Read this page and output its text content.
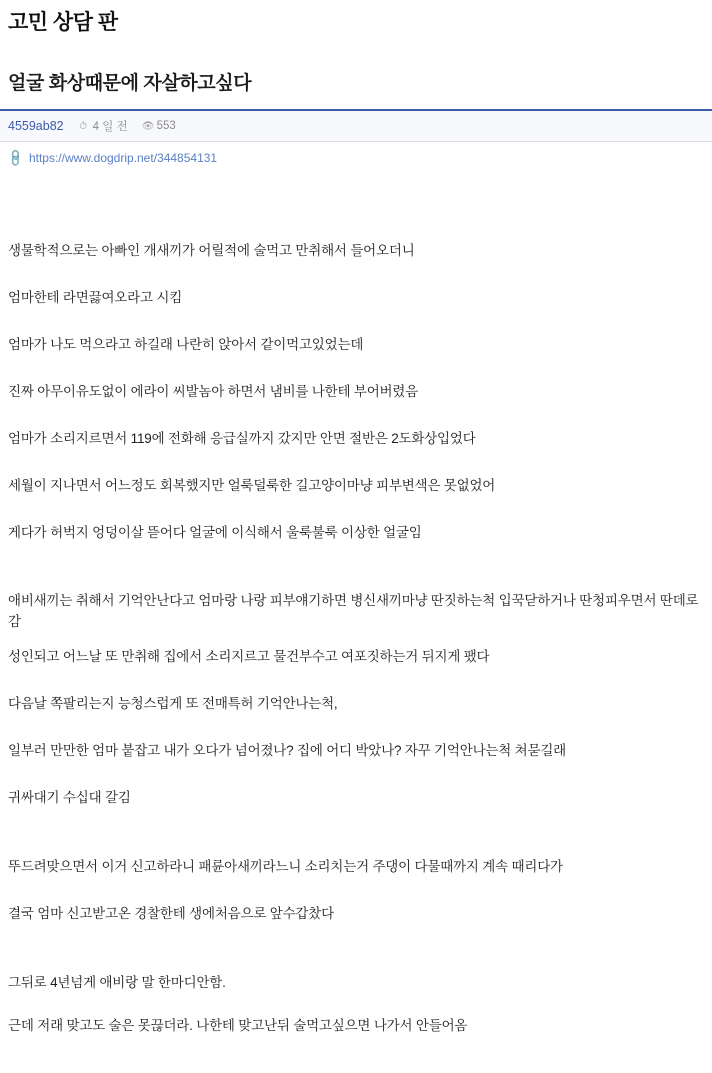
고민 상담 판
얼굴 화상때문에 자살하고싶다
4559ab82 ⏱ 4 일 전 👁 553
🔗 https://www.dogdrip.net/344854131

생물학적으로는 아빠인 개새끼가 어릴적에 술먹고 만취해서 들어오더니

엄마한테 라면끓여오라고 시킴

엄마가 나도 먹으라고 하길래 나란히 앉아서 같이먹고있었는데

진짜 아무이유도없이 에라이 씨발놈아 하면서 냄비를 나한테 부어버렸음

엄마가 소리지르면서 119에 전화해 응급실까지 갔지만 안면 절반은 2도화상입었다

세월이 지나면서 어느정도 회복했지만 얼룩덜룩한 길고양이마냥 피부변색은 못없었어

게다가 허벅지 엉덩이살 뜯어다 얼굴에 이식해서 울룩불룩 이상한 얼굴임

애비새끼는 취해서 기억안난다고 엄마랑 나랑 피부얘기하면 병신새끼마냥 딴짓하는척 입꾹닫하거나 딴청피우면서 딴데로 감

성인되고 어느날 또 만취해 집에서 소리지르고 물건부수고 여포짓하는거 뒤지게 팼다

다음날 쪽팔리는지 능청스럽게 또 전매특허 기억안나는척,

일부러 만만한 엄마 붙잡고 내가 오다가 넘어졌나? 집에 어디 박았나? 자꾸 기억안나는척 쳐묻길래

귀싸대기 수십대 갈김

뚜드려맞으면서 이거 신고하라니 패륜아새끼라느니 소리치는거 주댕이 다물때까지 계속 때리다가

결국 엄마 신고받고온 경찰한테 생에처음으로 앞수갑찼다

그뒤로 4년넘게 애비랑 말 한마디안함.

근데 저래 맞고도 술은 못끊더라. 나한테 맞고난뒤 술먹고싶으면 나가서 안들어옴
